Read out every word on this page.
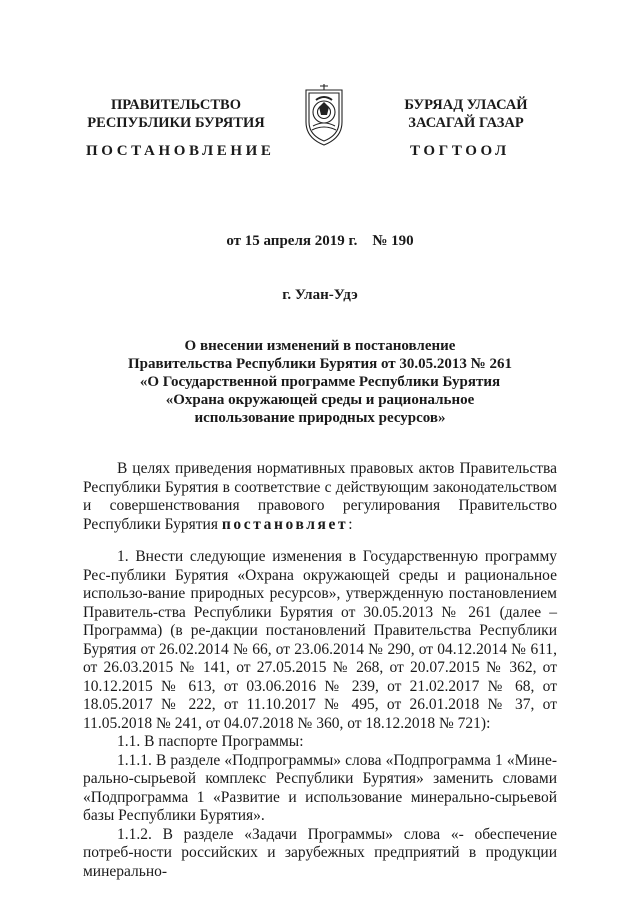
ПРАВИТЕЛЬСТВО
РЕСПУБЛИКИ БУРЯТИЯ
ПОСТАНОВЛЕНИЕ
БУРЯАД УЛАСАЙ
ЗАСАГАЙ ГАЗАР
ТОГТООЛ
от 15 апреля 2019 г. № 190
г. Улан-Удэ
О внесении изменений в постановление
Правительства Республики Бурятия от 30.05.2013 № 261
«О Государственной программе Республики Бурятия
«Охрана окружающей среды и рациональное
использование природных ресурсов»

В целях приведения нормативных правовых актов Правительства Республики Бурятия в соответствие с действующим законодательством и совершенствования правового регулирования Правительство Республики Бурятия постановляет:

1. Внести следующие изменения в Государственную программу Рес-публики Бурятия «Охрана окружающей среды и рациональное использо-вание природных ресурсов», утвержденную постановлением Правитель-ства Республики Бурятия от 30.05.2013 № 261 (далее – Программа) (в ре-дакции постановлений Правительства Республики Бурятия от 26.02.2014 № 66, от 23.06.2014 № 290, от 04.12.2014 № 611, от 26.03.2015 № 141, от 27.05.2015 № 268, от 20.07.2015 № 362, от 10.12.2015 № 613, от 03.06.2016 № 239, от 21.02.2017 № 68, от 18.05.2017 № 222, от 11.10.2017 № 495, от 26.01.2018 № 37, от 11.05.2018 № 241, от 04.07.2018 № 360, от 18.12.2018 № 721):

1.1. В паспорте Программы:

1.1.1. В разделе «Подпрограммы» слова «Подпрограмма 1 «Мине-рально-сырьевой комплекс Республики Бурятия» заменить словами «Подпрограмма 1 «Развитие и использование минерально-сырьевой базы Республики Бурятия».

1.1.2. В разделе «Задачи Программы» слова «- обеспечение потреб-ности российских и зарубежных предприятий в продукции минерально-
